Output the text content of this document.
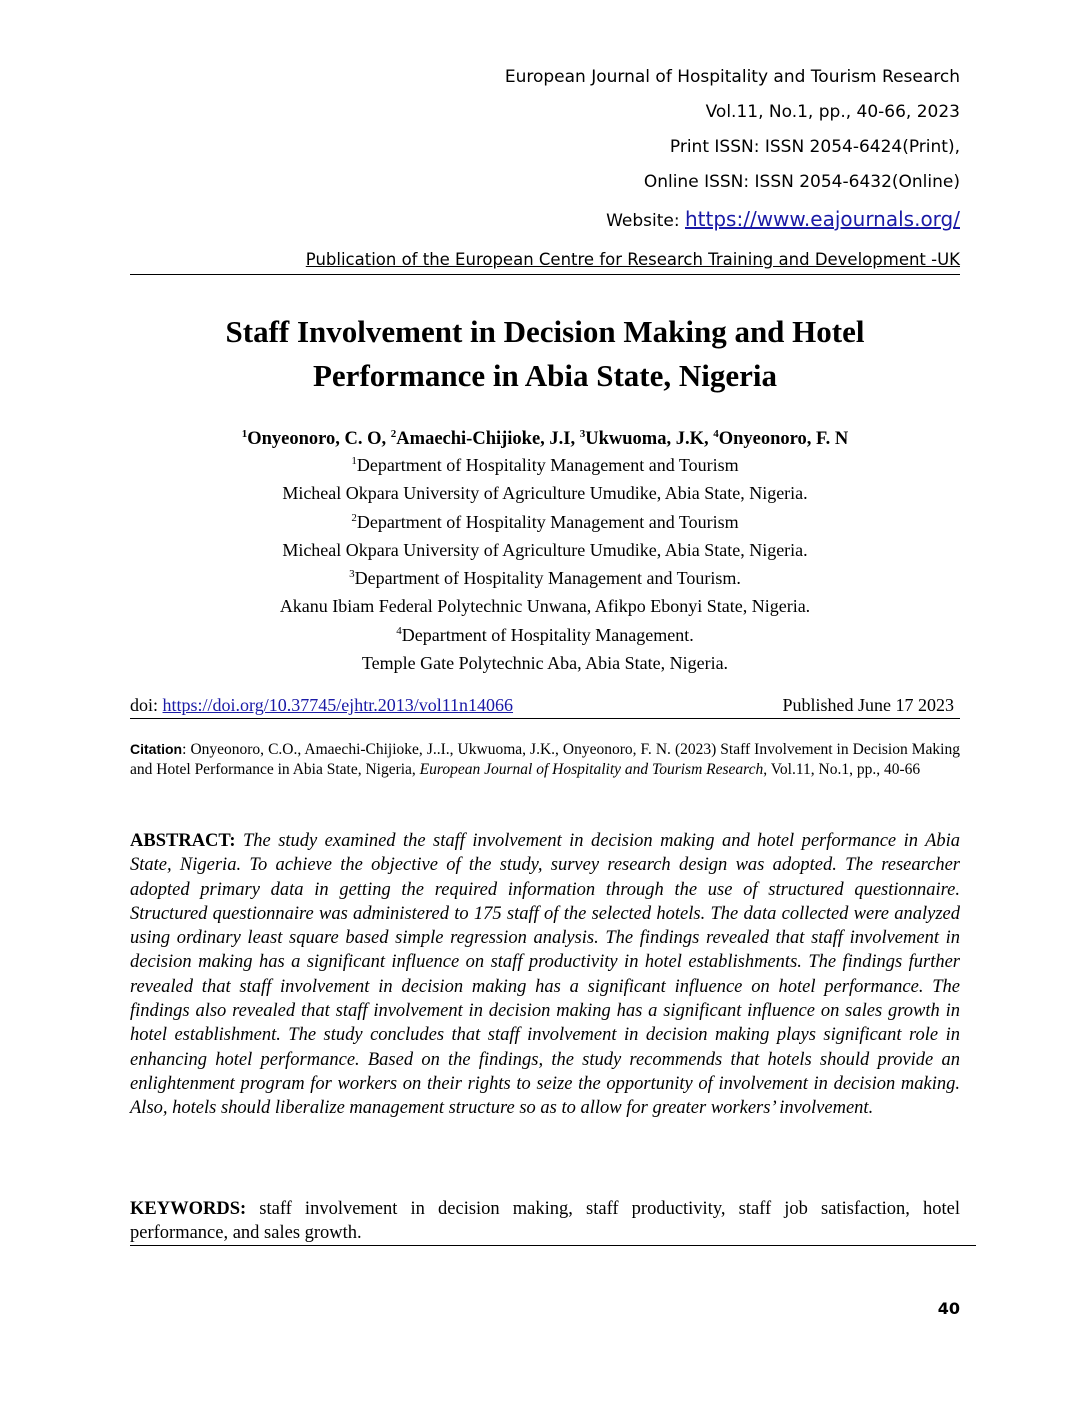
European Journal of Hospitality and Tourism Research
Vol.11, No.1, pp., 40-66, 2023
Print ISSN: ISSN 2054-6424(Print),
Online ISSN: ISSN 2054-6432(Online)
Website: https://www.eajournals.org/
Publication of the European Centre for Research Training and Development -UK
Staff Involvement in Decision Making and Hotel
Performance in Abia State, Nigeria
$^1$Onyeonoro, C. O, $^2$Amaechi-Chijioke, J.I, $^3$Ukwuoma, J.K, $^4$Onyeonoro, F. N
$^1$Department of Hospitality Management and Tourism
Micheal Okpara University of Agriculture Umudike, Abia State, Nigeria.
$^2$Department of Hospitality Management and Tourism
Micheal Okpara University of Agriculture Umudike, Abia State, Nigeria.
$^3$Department of Hospitality Management and Tourism.
Akanu Ibiam Federal Polytechnic Unwana, Afikpo Ebonyi State, Nigeria.
$^4$Department of Hospitality Management.
Temple Gate Polytechnic Aba, Abia State, Nigeria.
doi: https://doi.org/10.37745/ejhtr.2013/vol11n14066	Published June 17 2023
Citation: Onyeonoro, C.O., Amaechi-Chijioke, J..I., Ukwuoma, J.K., Onyeonoro, F. N. (2023) Staff Involvement in Decision Making and Hotel Performance in Abia State, Nigeria, European Journal of Hospitality and Tourism Research, Vol.11, No.1, pp., 40-66
ABSTRACT: The study examined the staff involvement in decision making and hotel performance in Abia State, Nigeria. To achieve the objective of the study, survey research design was adopted. The researcher adopted primary data in getting the required information through the use of structured questionnaire. Structured questionnaire was administered to 175 staff of the selected hotels. The data collected were analyzed using ordinary least square based simple regression analysis. The findings revealed that staff involvement in decision making has a significant influence on staff productivity in hotel establishments. The findings further revealed that staff involvement in decision making has a significant influence on hotel performance. The findings also revealed that staff involvement in decision making has a significant influence on sales growth in hotel establishment. The study concludes that staff involvement in decision making plays significant role in enhancing hotel performance. Based on the findings, the study recommends that hotels should provide an enlightenment program for workers on their rights to seize the opportunity of involvement in decision making. Also, hotels should liberalize management structure so as to allow for greater workers’ involvement.
KEYWORDS: staff involvement in decision making, staff productivity, staff job satisfaction, hotel performance, and sales growth.
40
